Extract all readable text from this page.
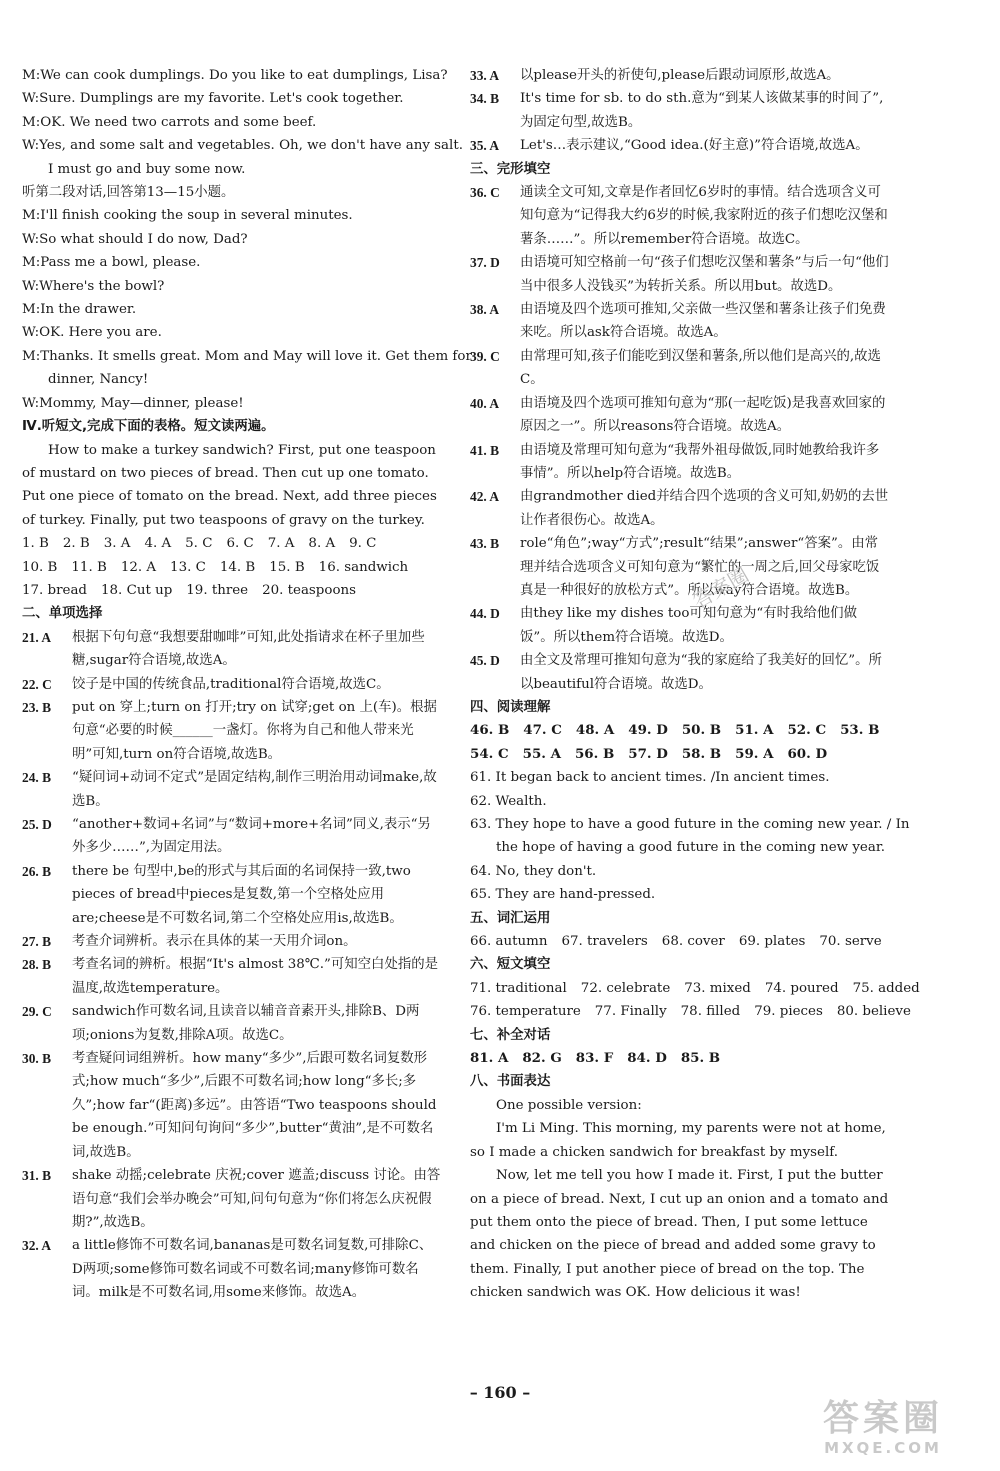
M:We can cook dumplings. Do you like to eat dumplings, Lisa?
W:Sure. Dumplings are my favorite. Let's cook together.
M:OK. We need two carrots and some beef.
W:Yes, and some salt and vegetables. Oh, we don't have any salt.
I must go and buy some now.
听第二段对话,回答第13—15小题。
M:I'll finish cooking the soup in several minutes.
W:So what should I do now, Dad?
M:Pass me a bowl, please.
W:Where's the bowl?
M:In the drawer.
W:OK. Here you are.
M:Thanks. It smells great. Mom and May will love it. Get them for
dinner, Nancy!
W:Mommy, May—dinner, please!
Ⅳ.听短文,完成下面的表格。短文读两遍。
How to make a turkey sandwich? First, put one teaspoon of mustard on two pieces of bread. Then cut up one tomato. Put one piece of tomato on the bread. Next, add three pieces of turkey. Finally, put two teaspoons of gravy on the turkey.
1. B 2. B 3. A 4. A 5. C 6. C 7. A 8. A 9. C
10. B 11. B 12. A 13. C 14. B 15. B 16. sandwich
17. bread 18. Cut up 19. three 20. teaspoons
二、单项选择
21. A	根据下句句意“我想要甜咖啡”可知,此处指请求在杯子里加些糖,sugar符合语境,故选A。
22. C	饺子是中国的传统食品,traditional符合语境,故选C。
23. B	put on 穿上;turn on 打开;try on 试穿;get on 上(车)。根据句意“必要的时候______一盏灯。你将为自己和他人带来光明”可知,turn on符合语境,故选B。
24. B	“疑问词+动词不定式”是固定结构,制作三明治用动词make,故选B。
25. D	“another+数词+名词”与“数词+more+名词”同义,表示“另外多少……”,为固定用法。
26. B	there be 句型中,be的形式与其后面的名词保持一致,two pieces of bread中pieces是复数,第一个空格处应用are;cheese是不可数名词,第二个空格处应用is,故选B。
27. B	考查介词辨析。表示在具体的某一天用介词on。
28. B	考查名词的辨析。根据“It's almost 38℃.”可知空白处指的是温度,故选temperature。
29. C	sandwich作可数名词,且读音以辅音音素开头,排除B、D两项;onions为复数,排除A项。故选C。
30. B	考查疑问词组辨析。how many“多少”,后跟可数名词复数形式;how much“多少”,后跟不可数名词;how long“多长;多久”;how far“(距离)多远”。由答语“Two teaspoons should be enough.”可知问句询问“多少”,butter“黄油”,是不可数名词,故选B。
31. B	shake 动摇;celebrate 庆祝;cover 遮盖;discuss 讨论。由答语句意“我们会举办晚会”可知,问句句意为“你们将怎么庆祝假期?”,故选B。
32. A	a little修饰不可数名词,bananas是可数名词复数,可排除C、D两项;some修饰可数名词或不可数名词;many修饰可数名词。milk是不可数名词,用some来修饰。故选A。
33. A	以please开头的祈使句,please后跟动词原形,故选A。
34. B	It's time for sb. to do sth.意为“到某人该做某事的时间了”,为固定句型,故选B。
35. A	Let's…表示建议,“Good idea.(好主意)”符合语境,故选A。
三、完形填空
36. C	通读全文可知,文章是作者回忆6岁时的事情。结合选项含义可知句意为“记得我大约6岁的时候,我家附近的孩子们想吃汉堡和薯条……”。所以remember符合语境。故选C。
37. D	由语境可知空格前一句“孩子们想吃汉堡和薯条”与后一句“他们当中很多人没钱买”为转折关系。所以用but。故选D。
38. A	由语境及四个选项可推知,父亲做一些汉堡和薯条让孩子们免费来吃。所以ask符合语境。故选A。
39. C	由常理可知,孩子们能吃到汉堡和薯条,所以他们是高兴的,故选C。
40. A	由语境及四个选项可推知句意为“那(一起吃饭)是我喜欢回家的原因之一”。所以reasons符合语境。故选A。
41. B	由语境及常理可知句意为“我帮外祖母做饭,同时她教给我许多事情”。所以help符合语境。故选B。
42. A	由grandmother died并结合四个选项的含义可知,奶奶的去世让作者很伤心。故选A。
43. B	role“角色”;way“方式”;result“结果”;answer“答案”。由常理并结合选项含义可知句意为“繁忙的一周之后,回父母家吃饭真是一种很好的放松方式”。所以way符合语境。故选B。
44. D	由they like my dishes too可知句意为“有时我给他们做饭”。所以them符合语境。故选D。
45. D	由全文及常理可推知句意为“我的家庭给了我美好的回忆”。所以beautiful符合语境。故选D。
四、阅读理解
46. B 47. C 48. A 49. D 50. B 51. A 52. C 53. B
54. C 55. A 56. B 57. D 58. B 59. A 60. D
61. It began back to ancient times. /In ancient times.
62. Wealth.
63. They hope to have a good future in the coming new year. / In
the hope of having a good future in the coming new year.
64. No, they don't.
65. They are hand-pressed.
五、词汇运用
66. autumn 67. travelers 68. cover 69. plates 70. serve
六、短文填空
71. traditional 72. celebrate 73. mixed 74. poured 75. added
76. temperature 77. Finally 78. filled 79. pieces 80. believe
七、补全对话
81. A 82. G 83. F 84. D 85. B
八、书面表达
One possible version:
I'm Li Ming. This morning, my parents were not at home, so I made a chicken sandwich for breakfast by myself.
Now, let me tell you how I made it. First, I put the butter on a piece of bread. Next, I cut up an onion and a tomato and put them onto the piece of bread. Then, I put some lettuce and chicken on the piece of bread and added some gravy to them. Finally, I put another piece of bread on the top. The chicken sandwich was OK. How delicious it was!
– 160 –
答案圈
答案圈
MXQE.COM
